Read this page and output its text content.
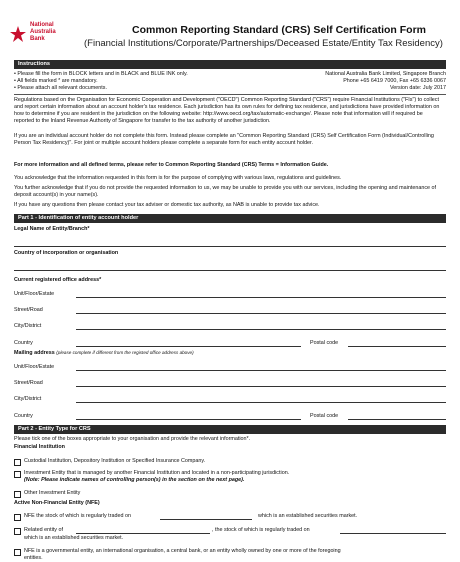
National
Australia
Bank
Common Reporting Standard (CRS) Self Certification Form
(Financial Institutions/Corporate/Partnerships/Deceased Estate/Entity Tax Residency)
Instructions
• Please fill the form in BLOCK letters and in BLACK and BLUE INK only.
• All fields marked * are mandatory.
• Please attach all relevant documents.
National Australia Bank Limited, Singapore Branch
Phone +65 6419 7000, Fax +65 6336 0067
Version date: July 2017
Regulations based on the Organisation for Economic Cooperation and Development ("OECD") Common Reporting Standard ("CRS") require Financial Institutions ("FIs") to collect and report certain information about an account holder's tax residence. Each jurisdiction has its own rules for defining tax residence, and jurisdictions have provided information on how to determine if you are resident in the jurisdiction on the following website: http://www.oecd.org/tax/automatic-exchange/. Please note that information will if required be reported to the Inland Revenue Authority of Singapore for transfer to the tax authority of another jurisdiction.
If you are an individual account holder do not complete this form. Instead please complete an "Common Reporting Standard (CRS) Self Certification Form (Individual/Controlling Person Tax Residency)". For joint or multiple account holders please complete a separate form for each entity account holder.
For more information and all defined terms, please refer to Common Reporting Standard (CRS) Terms = Information Guide.
You acknowledge that the information requested in this form is for the purpose of complying with various laws, regulations and guidelines.
You further acknowledge that if you do not provide the requested information to us, we may be unable to provide you with our services, including the opening and maintenance of deposit account(s) in your name(s).
If you have any questions then please contact your tax adviser or domestic tax authority, as NAB is unable to provide tax advice.
Part 1 - Identification of entity account holder
Legal Name of Entity/Branch*
Country of incorporation or organisation
Current registered office address*
Unit/Floor/Estate
Street/Road
City/District
Country	Postal code
Mailing address (please complete if different from the registed office address above)
Unit/Floor/Estate
Street/Road
City/District
Country	Postal code
Part 2 - Entity Type for CRS
Please tick one of the boxes appropriate to your organisation and provide the relevant information*.
Financial Institution
Custodial Institution, Depository Institution or Specified Insurance Company.
Investment Entity that is managed by another Financial Institution and located in a non-participating jurisdiction.
(Note: Please indicate names of controlling person(s) in the section on the next page).
Other Investment Entity
Active Non-Financial Entity (NFE)
NFE the stock of which is regularly traded on	which is an established securities market.
Related entity of	, the stock of which is regularly traded on
which is an established securities market.
NFE is a governmental entity, an international organisation, a central bank, or an entity wholly owned by one or more of the foregoing
entities.
